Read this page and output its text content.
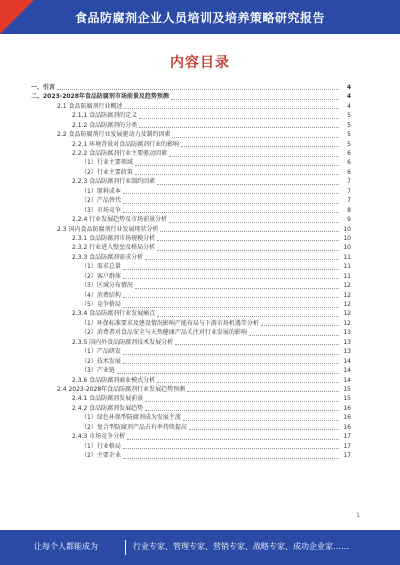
食品防腐剂企业人员培训及培养策略研究报告
内容目录
一、引言	4
二、2023-2028年食品防腐剂市场前景及趋势预测	4
2.1 食品防腐剂行业概述	4
2.1.1 食品防腐剂的定义	5
2.1.2 食品防腐剂的分类	5
2.2 食品防腐剂行业发展驱动力及制约因素	5
2.2.1 环境背景对食品防腐剂行业的影响	5
2.2.2 食品防腐剂行业主要驱动因素	6
（1）行业主要领域	6
（2）行业主要政策	6
2.2.3 食品防腐剂行业制约因素	7
（1）原料成本	7
（2）产品替代	7
（3）市场竞争	8
2.2.4 行业发展趋势及市场前景分析	9
2.3 国内食品防腐剂行业发展现状分析	10
2.3.1 食品防腐剂市场规模分析	10
2.3.2 行业进入壁垒及格局分析	10
2.3.3 食品防腐剂需求分析	11
（1）需求总量	11
（2）客户群体	11
（3）区域分布情况	12
（4）消费结构	12
（5）竞争格局	12
2.3.4 食品防腐剂行业发展痛点	12
（1）环保标准要求及建设情况影响产能布局与下游市场机遇等分析	12
（2）消费者对食品安全与天然健康产品关注对行业发展的影响	13
2.3.5 国内外食品防腐剂技术发展分析	13
（1）产品研发	13
（2）技术发展	14
（3）产业链	14
2.3.6 食品防腐剂商业模式分析	14
2.4 2023-2028年食品防腐剂行业发展趋势预测	15
2.4.1 食品防腐剂发展前景	15
2.4.2 食品防腐剂发展趋势	16
（1）绿色环保型防腐剂成为发展主流	16
（2）复合型防腐剂产品占有率持续提高	16
2.4.3 市场竞争分析	17
（1）行业格局	17
（2）主要企业	17
1
让每个人都能成为	行业专家、管理专家、营销专家、战略专家、成功企业家……
